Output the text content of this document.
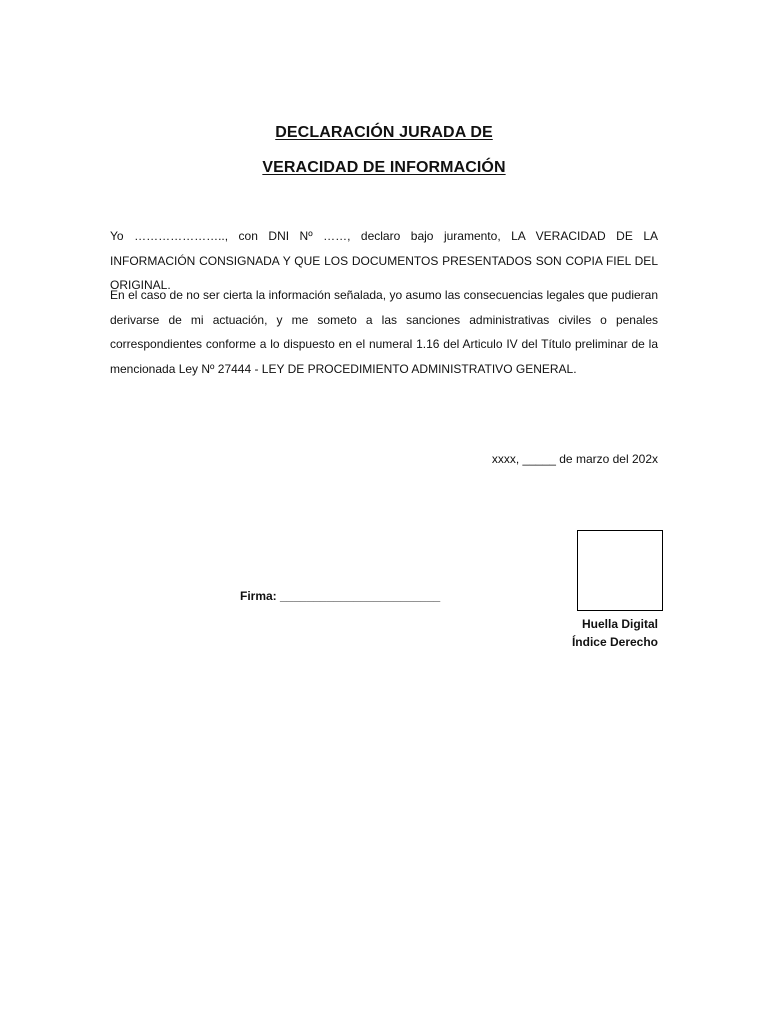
DECLARACIÓN JURADA DE
VERACIDAD DE INFORMACIÓN
Yo ………………….., con DNI Nº ……, declaro bajo juramento, LA VERACIDAD DE LA INFORMACIÓN CONSIGNADA Y QUE LOS DOCUMENTOS PRESENTADOS SON COPIA FIEL DEL ORIGINAL.
En el caso de no ser cierta la información señalada, yo asumo las consecuencias legales que pudieran derivarse de mi actuación, y me someto a las sanciones administrativas civiles o penales correspondientes conforme a lo dispuesto en el numeral 1.16 del Articulo IV del Título preliminar de la mencionada Ley Nº 27444 - LEY DE PROCEDIMIENTO ADMINISTRATIVO GENERAL.
xxxx, _____ de marzo del 202x
Firma: ________________________
Huella Digital
Índice Derecho
